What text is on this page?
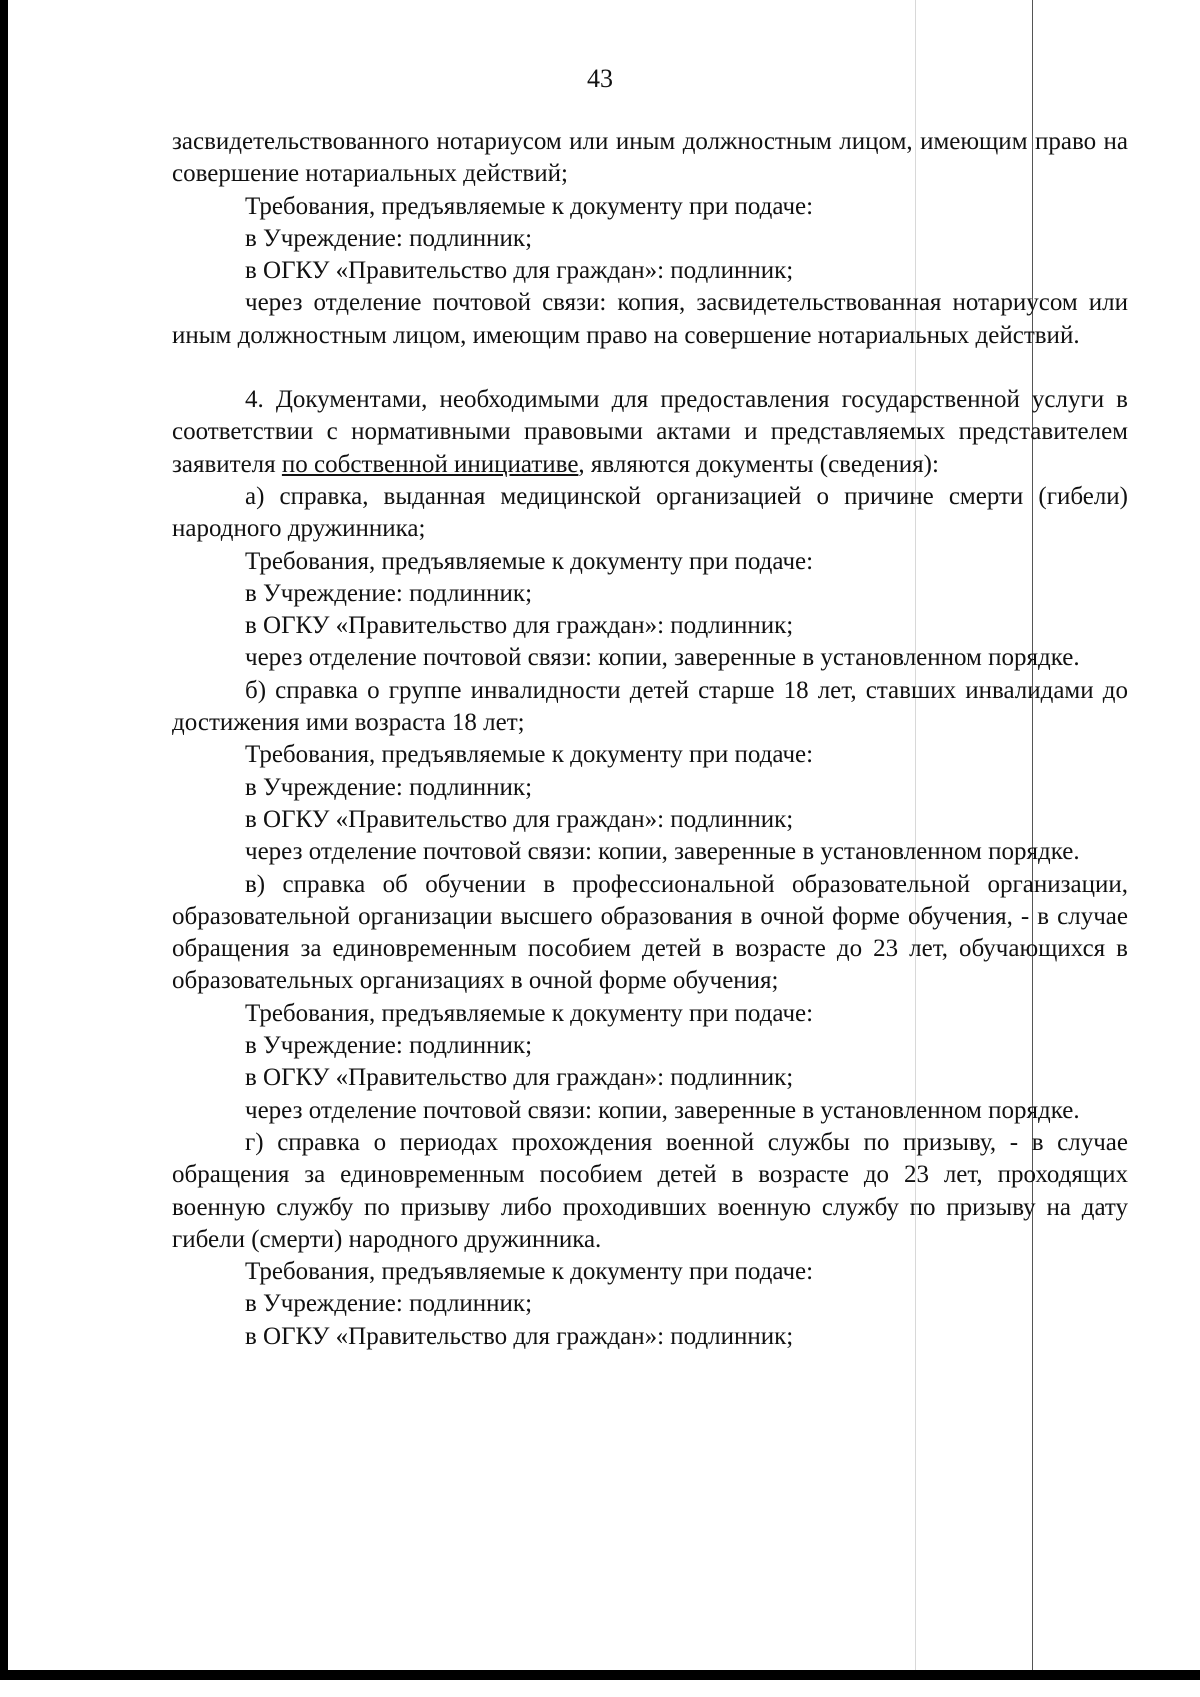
43

засвидетельствованного нотариусом или иным должностным лицом, имеющим право на совершение нотариальных действий;

Требования, предъявляемые к документу при подаче:

в Учреждение: подлинник;

в ОГКУ «Правительство для граждан»: подлинник;

через отделение почтовой связи: копия, засвидетельствованная нотариусом или иным должностным лицом, имеющим право на совершение нотариальных действий.

4. Документами, необходимыми для предоставления государственной услуги в соответствии с нормативными правовыми актами и представляемых представителем заявителя по собственной инициативе, являются документы (сведения):

а) справка, выданная медицинской организацией о причине смерти (гибели) народного дружинника;

Требования, предъявляемые к документу при подаче:

в Учреждение: подлинник;

в ОГКУ «Правительство для граждан»: подлинник;

через отделение почтовой связи: копии, заверенные в установленном порядке.

б) справка о группе инвалидности детей старше 18 лет, ставших инвалидами до достижения ими возраста 18 лет;

Требования, предъявляемые к документу при подаче:

в Учреждение: подлинник;

в ОГКУ «Правительство для граждан»: подлинник;

через отделение почтовой связи: копии, заверенные в установленном порядке.

в) справка об обучении в профессиональной образовательной организации, образовательной организации высшего образования в очной форме обучения, - в случае обращения за единовременным пособием детей в возрасте до 23 лет, обучающихся в образовательных организациях в очной форме обучения;

Требования, предъявляемые к документу при подаче:

в Учреждение: подлинник;

в ОГКУ «Правительство для граждан»: подлинник;

через отделение почтовой связи: копии, заверенные в установленном порядке.

г) справка о периодах прохождения военной службы по призыву, - в случае обращения за единовременным пособием детей в возрасте до 23 лет, проходящих военную службу по призыву либо проходивших военную службу по призыву на дату гибели (смерти) народного дружинника.

Требования, предъявляемые к документу при подаче:

в Учреждение: подлинник;

в ОГКУ «Правительство для граждан»: подлинник;
